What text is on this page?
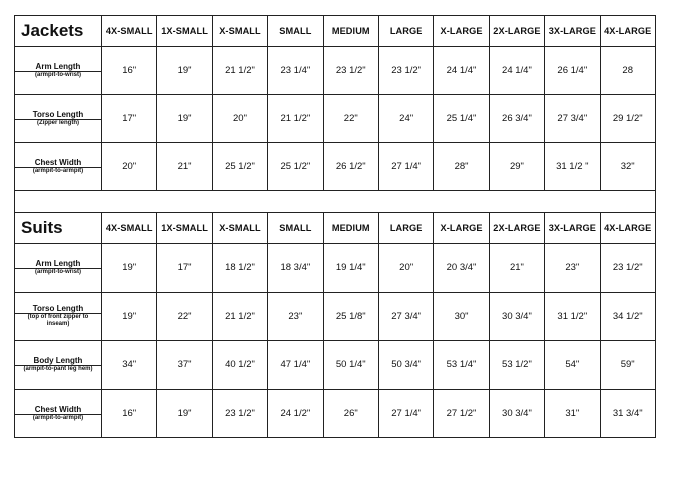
Jackets	4X-SMALL	1X-SMALL	X-SMALL	SMALL	MEDIUM	LARGE	X-LARGE	2X-LARGE	3X-LARGE	4X-LARGE

Arm Length
(armpit-to-wrist)	16"	19"	21 1/2"	23 1/4"	23 1/2"	23 1/2"	24 1/4"	24 1/4"	26 1/4"	28

Torso Length
(Zipper length)	17"	19"	20"	21 1/2"	22"	24"	25 1/4"	26 3/4"	27 3/4"	29 1/2"

Chest Width
(armpit-to-armpit)	20"	21"	25 1/2"	25 1/2"	26 1/2"	27 1/4"	28"	29"	31 1/2 "	32"

Suits	4X-SMALL	1X-SMALL	X-SMALL	SMALL	MEDIUM	LARGE	X-LARGE	2X-LARGE	3X-LARGE	4X-LARGE

Arm Length
(armpit-to-wrist)	19"	17"	18 1/2"	18 3/4"	19 1/4"	20"	20 3/4"	21"	23"	23 1/2"

Torso Length
(top of front zipper to inseam)	19"	22"	21 1/2"	23"	25 1/8"	27 3/4"	30"	30 3/4"	31 1/2"	34 1/2"

Body Length
(armpit-to-pant leg hem)	34"	37"	40 1/2"	47 1/4"	50 1/4"	50 3/4"	53 1/4"	53 1/2"	54"	59"

Chest Width
(armpit-to-armpit)	16"	19"	23 1/2"	24 1/2"	26"	27 1/4"	27 1/2"	30 3/4"	31"	31 3/4"
